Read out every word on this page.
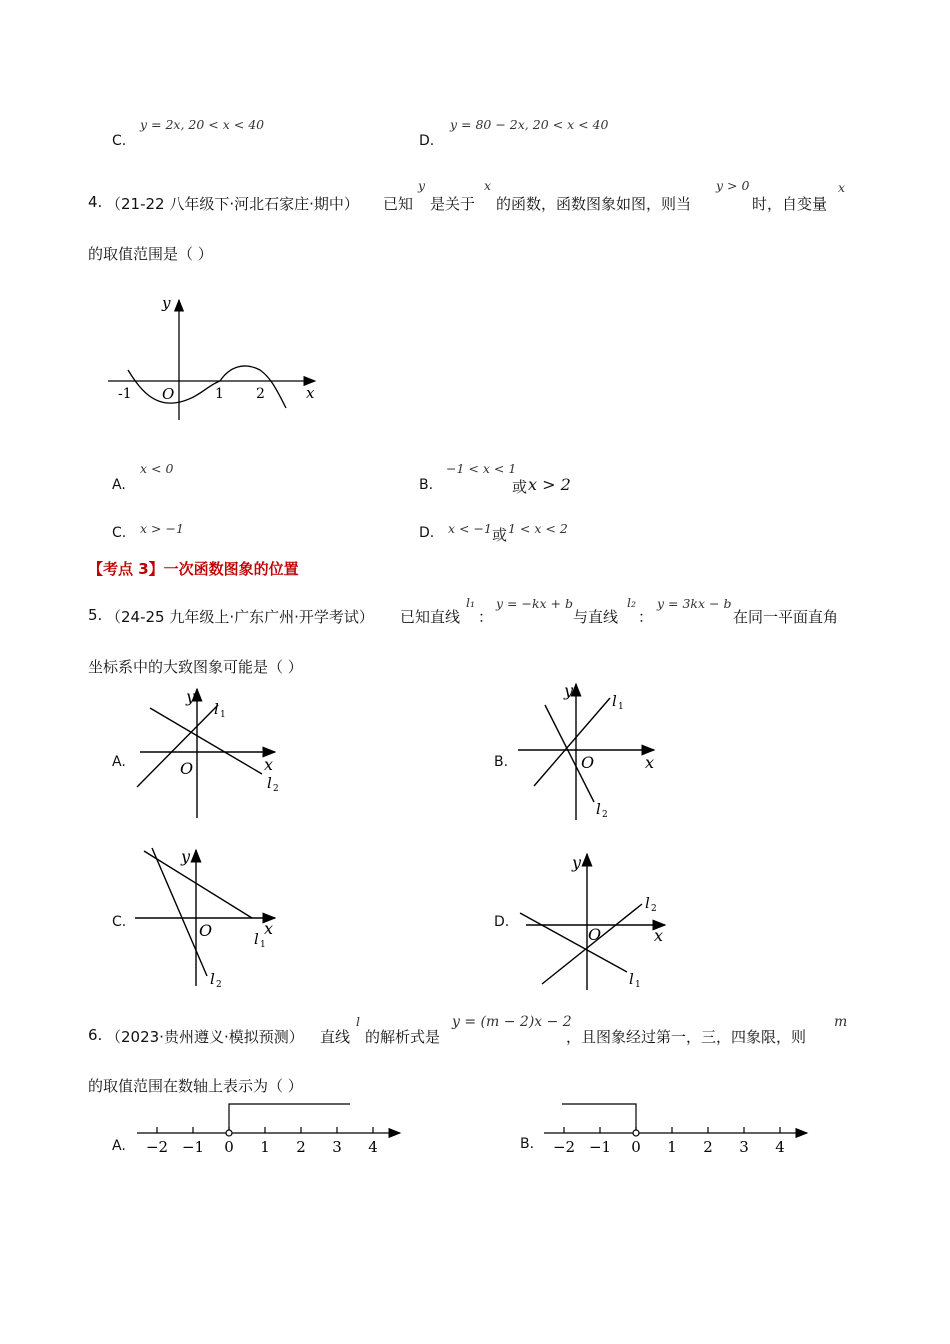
C.
y = 2x, 20 < x < 40
D.
y = 80 − 2x, 20 < x < 40
4. （21-22 八年级下·河北石家庄·期中） 已知
y
是关于
x
的函数，函数图象如图，则当
y > 0
时，自变量
x
的取值范围是（ ）
y
x
O
-1	1 2
A.
x < 0
B.
−1 < x < 1
或 x > 2
C. x > −1	D. x < −1 或 1 < x < 2
【考点 3】一次函数图象的位置
5. （24-25 九年级上·广东广州·开学考试） 已知直线
l₁
：
y = −kx + b
与直线
l₂
：
y = 3kx − b
在同一平面直角
坐标系中的大致图象可能是（ ）
A.
y
x
O
l 1
l 2
B.
y
x
O
l 1
l 2
C.
y
x
O	l 1
l 2
D.
y
x
O
l 2
l 1
6. （2023·贵州遵义·模拟预测） 直线
l
的解析式是
y = (m − 2)x − 2
，且图象经过第一，三，四象限，则
m
的取值范围在数轴上表示为（ ）
A. −2 −1 0 1 2 3 4	B. −2 −1 0 1 2 3 4
